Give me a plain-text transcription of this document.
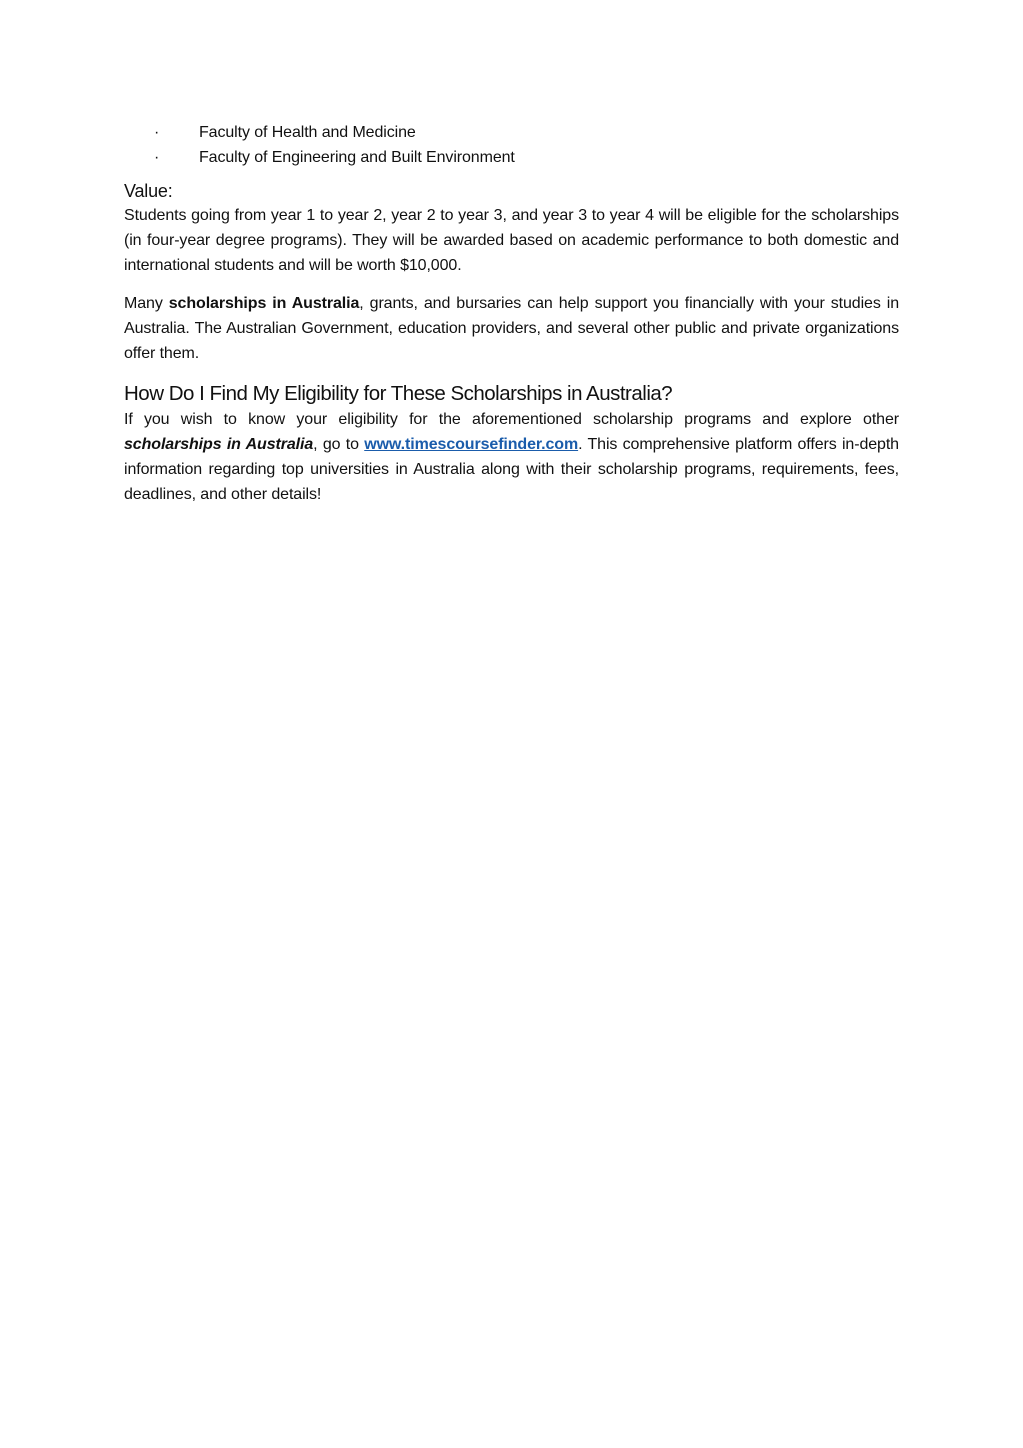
· Faculty of Health and Medicine
· Faculty of Engineering and Built Environment
Value:

Students going from year 1 to year 2, year 2 to year 3, and year 3 to year 4 will be eligible for the scholarships (in four-year degree programs). They will be awarded based on academic performance to both domestic and international students and will be worth $10,000.

Many scholarships in Australia, grants, and bursaries can help support you financially with your studies in Australia. The Australian Government, education providers, and several other public and private organizations offer them.

How Do I Find My Eligibility for These Scholarships in Australia?

If you wish to know your eligibility for the aforementioned scholarship programs and explore other scholarships in Australia, go to www.timescoursefinder.com. This comprehensive platform offers in-depth information regarding top universities in Australia along with their scholarship programs, requirements, fees, deadlines, and other details!
